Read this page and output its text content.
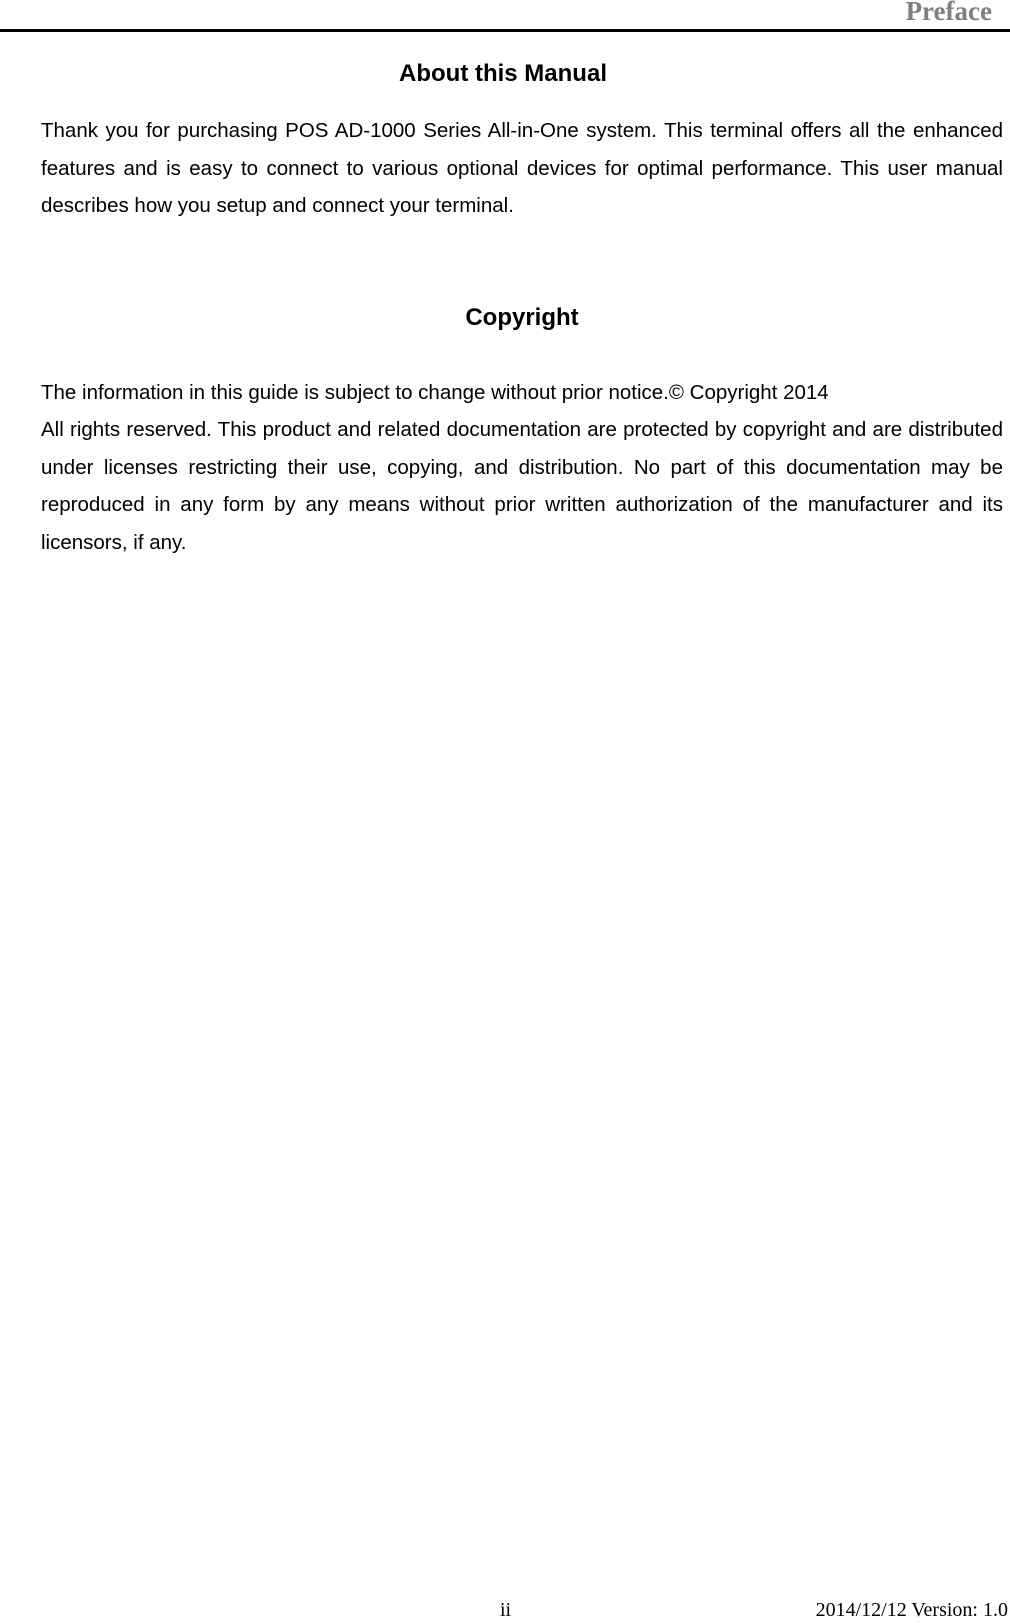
Preface
About this Manual

Thank you for purchasing POS AD-1000 Series All-in-One system. This terminal offers all the enhanced features and is easy to connect to various optional devices for optimal performance. This user manual describes how you setup and connect your terminal.

Copyright

The information in this guide is subject to change without prior notice.© Copyright 2014

All rights reserved. This product and related documentation are protected by copyright and are distributed under licenses restricting their use, copying, and distribution. No part of this documentation may be reproduced in any form by any means without prior written authorization of the manufacturer and its licensors, if any.

ii	2014/12/12 Version: 1.0
